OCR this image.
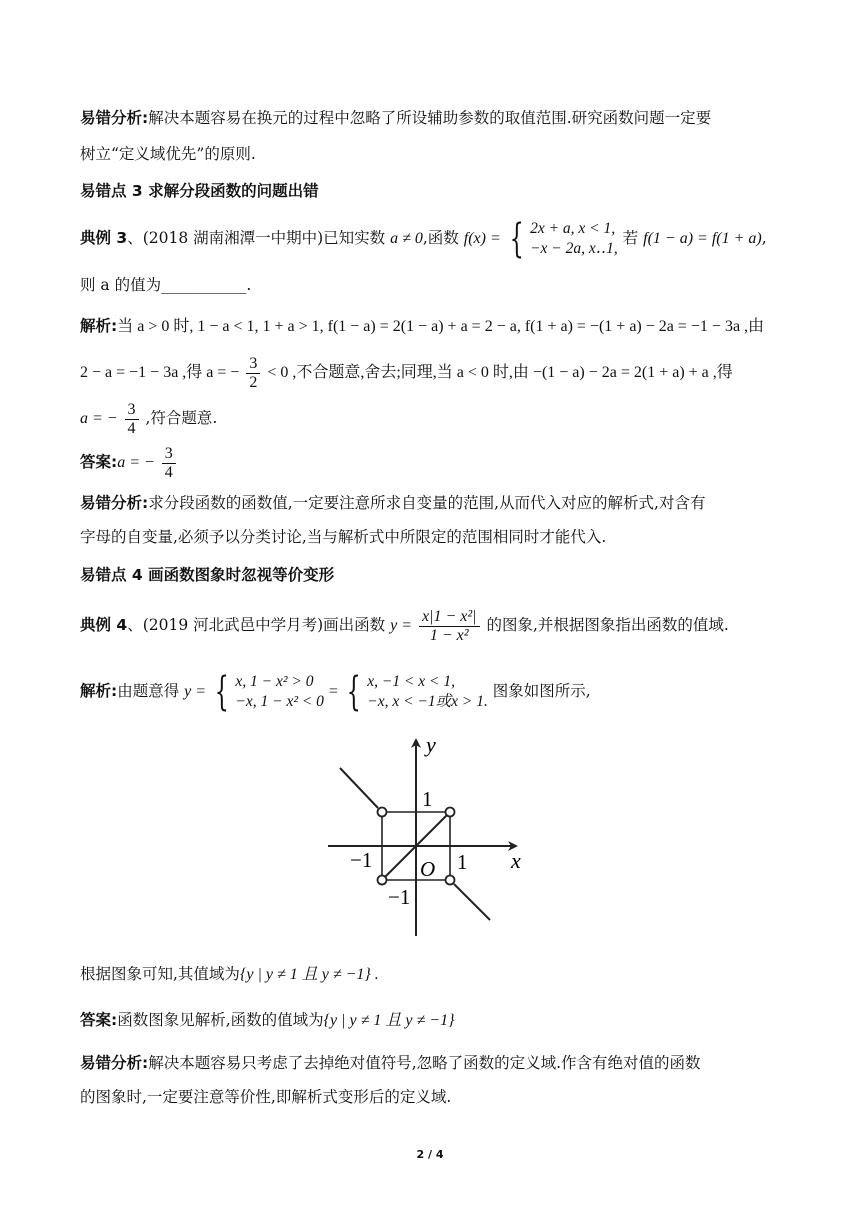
易错分析:解决本题容易在换元的过程中忽略了所设辅助参数的取值范围.研究函数问题一定要
树立“定义域优先”的原则.
易错点 3 求解分段函数的问题出错
典例 3、(2018 湖南湘潭一中期中)已知实数 a ≠ 0,函数 f(x) = { 2x + a, x < 1,
−x − 2a, x‥1,
若 f(1 − a) = f(1 + a),
则 a 的值为___________.
解析:当 a > 0 时, 1 − a < 1, 1 + a > 1, f(1 − a) = 2(1 − a) + a = 2 − a, f(1 + a) = −(1 + a) − 2a = −1 − 3a ,由
2 − a = −1 − 3a ,得 a = − $\frac{3}{2} < 0$ ,不合题意,舍去;同理,当 a < 0 时,由 −(1 − a) − 2a = 2(1 + a) + a ,得
a = − $\frac{3}{4}$ ,符合题意.
答案:a = − $\frac{3}{4}$
易错分析:求分段函数的函数值,一定要注意所求自变量的范围,从而代入对应的解析式,对含有
字母的自变量,必须予以分类讨论,当与解析式中所限定的范围相同时才能代入.
易错点 4 画函数图象时忽视等价变形
典例 4、(2019 河北武邑中学月考)画出函数 $y = \frac{\text{x|1 − x²|}}{\text{1 − x²}}$ 的图象,并根据图象指出函数的值域.
解析:由题意得 y = { x, 1 − x² > 0
−x, 1 − x² < 0
= { x, −1 < x < 1,
−x, x < −1或x > 1.
图象如图所示,
y
x
O
1
−1
1
−1
根据图象可知,其值域为{y | y ≠ 1 且 y ≠ −1} .
答案:函数图象见解析,函数的值域为{y | y ≠ 1 且 y ≠ −1}
易错分析:解决本题容易只考虑了去掉绝对值符号,忽略了函数的定义域.作含有绝对值的函数
的图象时,一定要注意等价性,即解析式变形后的定义域.
2 / 4
